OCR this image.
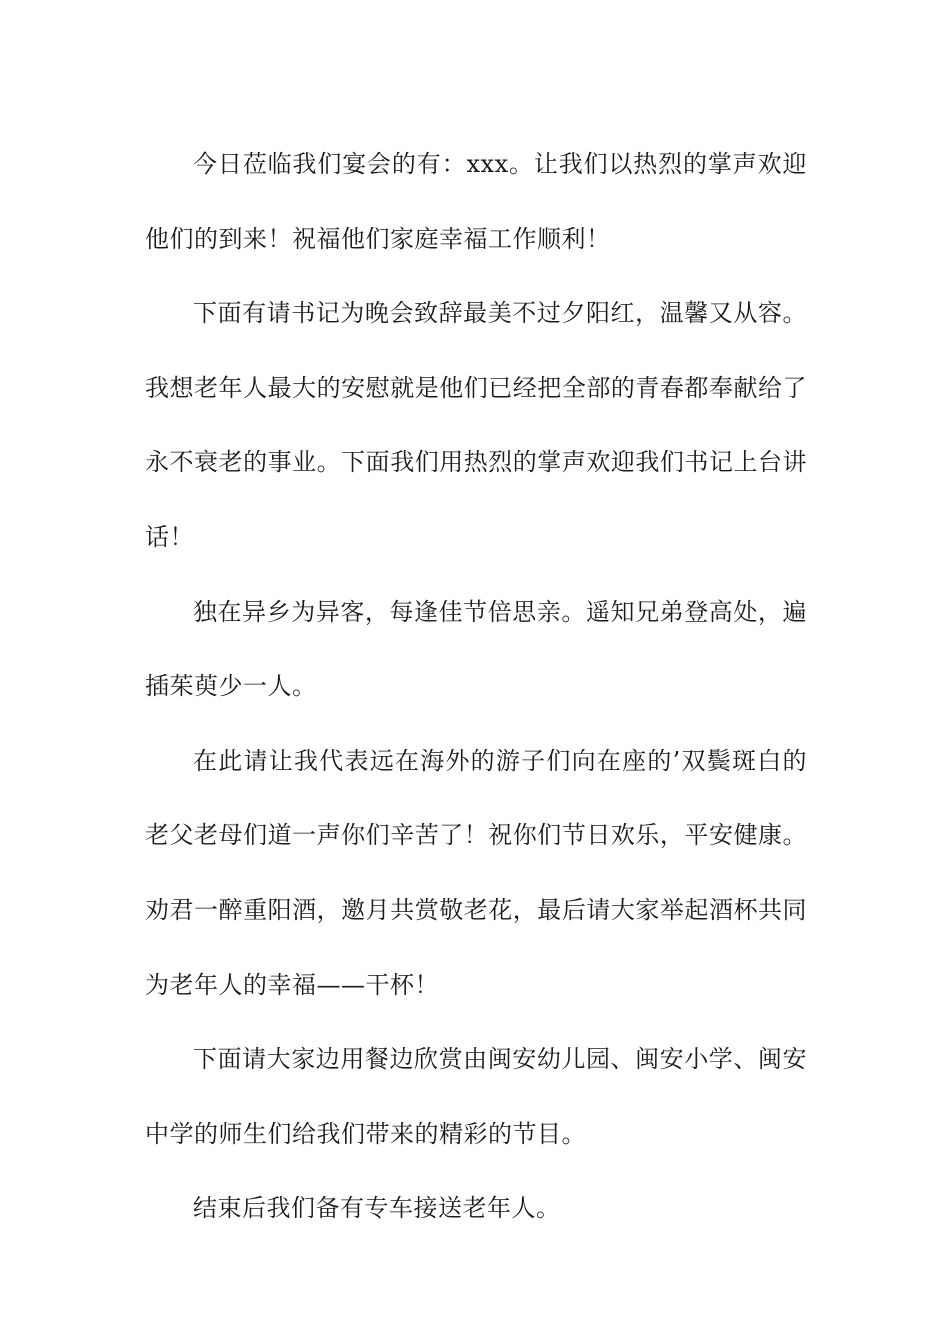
今日莅临我们宴会的有：xxx。让我们以热烈的掌声欢迎他们的到来！祝福他们家庭幸福工作顺利！

下面有请书记为晚会致辞最美不过夕阳红，温馨又从容。我想老年人最大的安慰就是他们已经把全部的青春都奉献给了永不衰老的事业。下面我们用热烈的掌声欢迎我们书记上台讲话！

独在异乡为异客，每逢佳节倍思亲。遥知兄弟登高处，遍插茱萸少一人。

在此请让我代表远在海外的游子们向在座的’双鬓斑白的老父老母们道一声你们辛苦了！祝你们节日欢乐，平安健康。劝君一醉重阳酒，邀月共赏敬老花，最后请大家举起酒杯共同为老年人的幸福——干杯！

下面请大家边用餐边欣赏由闽安幼儿园、闽安小学、闽安中学的师生们给我们带来的精彩的节目。

结束后我们备有专车接送老年人。
